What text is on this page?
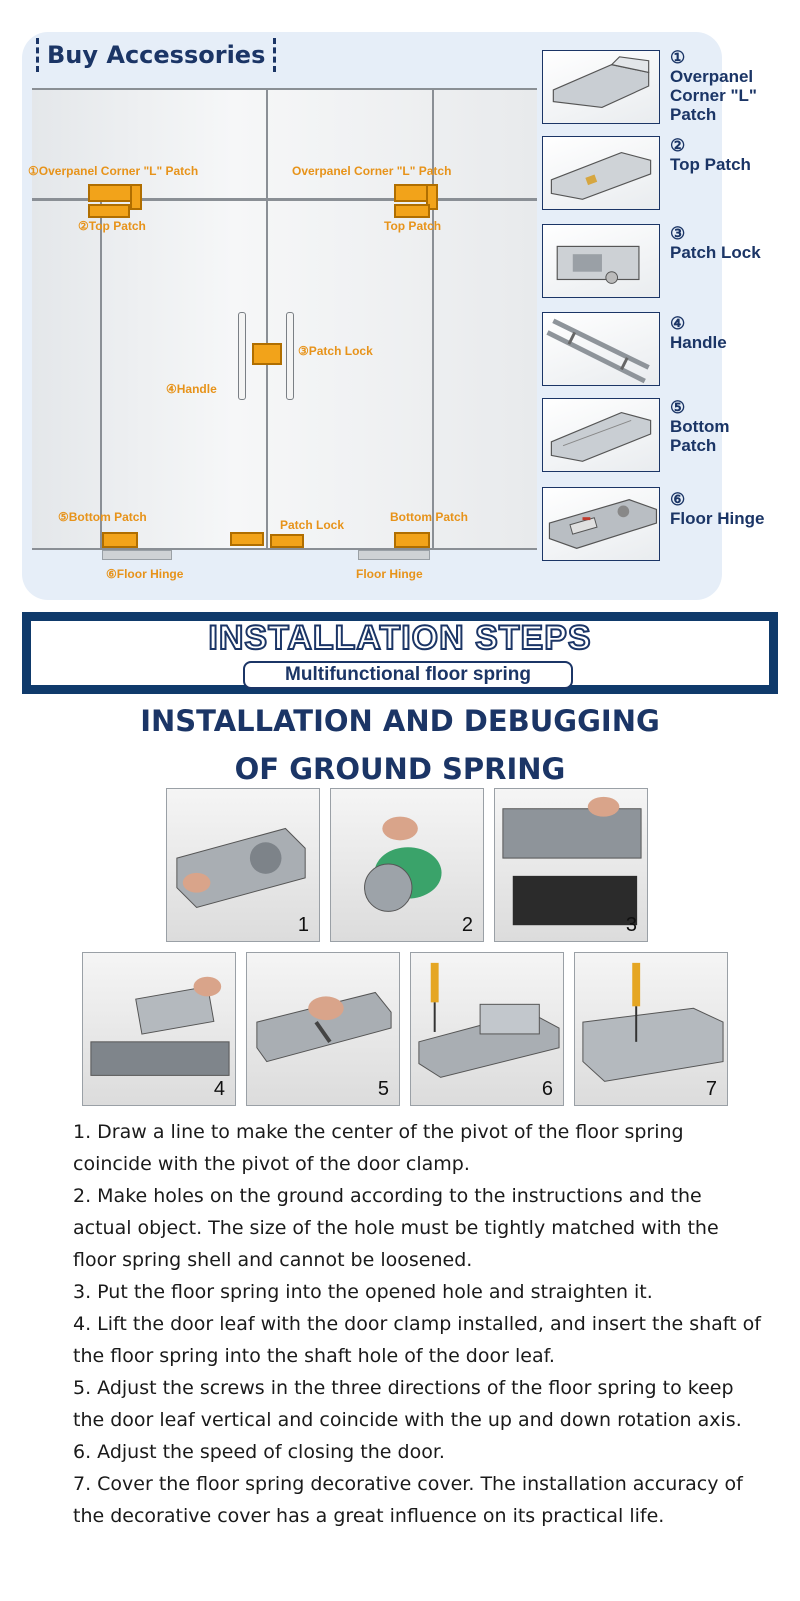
Buy Accessories
①Overpanel Corner "L" Patch	Overpanel Corner "L" Patch
②Top Patch	Top Patch
③Patch Lock
④Handle
⑤Bottom Patch	Bottom Patch
Patch Lock
⑥Floor Hinge	Floor Hinge
①
Overpanel
Corner "L"
Patch
②
Top Patch
③
Patch Lock
④
Handle
⑤
Bottom
Patch
⑥
Floor Hinge
INSTALLATION STEPS
Multifunctional floor spring
INSTALLATION AND DEBUGGING
OF GROUND SPRING
1	2	3
4	5	6	7

1. Draw a line to make the center of the pivot of the floor spring coincide with the pivot of the door clamp.

2. Make holes on the ground according to the instructions and the actual object. The size of the hole must be tightly matched with the floor spring shell and cannot be loosened.

3. Put the floor spring into the opened hole and straighten it.

4. Lift the door leaf with the door clamp installed, and insert the shaft of the floor spring into the shaft hole of the door leaf.

5. Adjust the screws in the three directions of the floor spring to keep the door leaf vertical and coincide with the up and down rotation axis.

6. Adjust the speed of closing the door.

7. Cover the floor spring decorative cover. The installation accuracy of the decorative cover has a great influence on its practical life.
